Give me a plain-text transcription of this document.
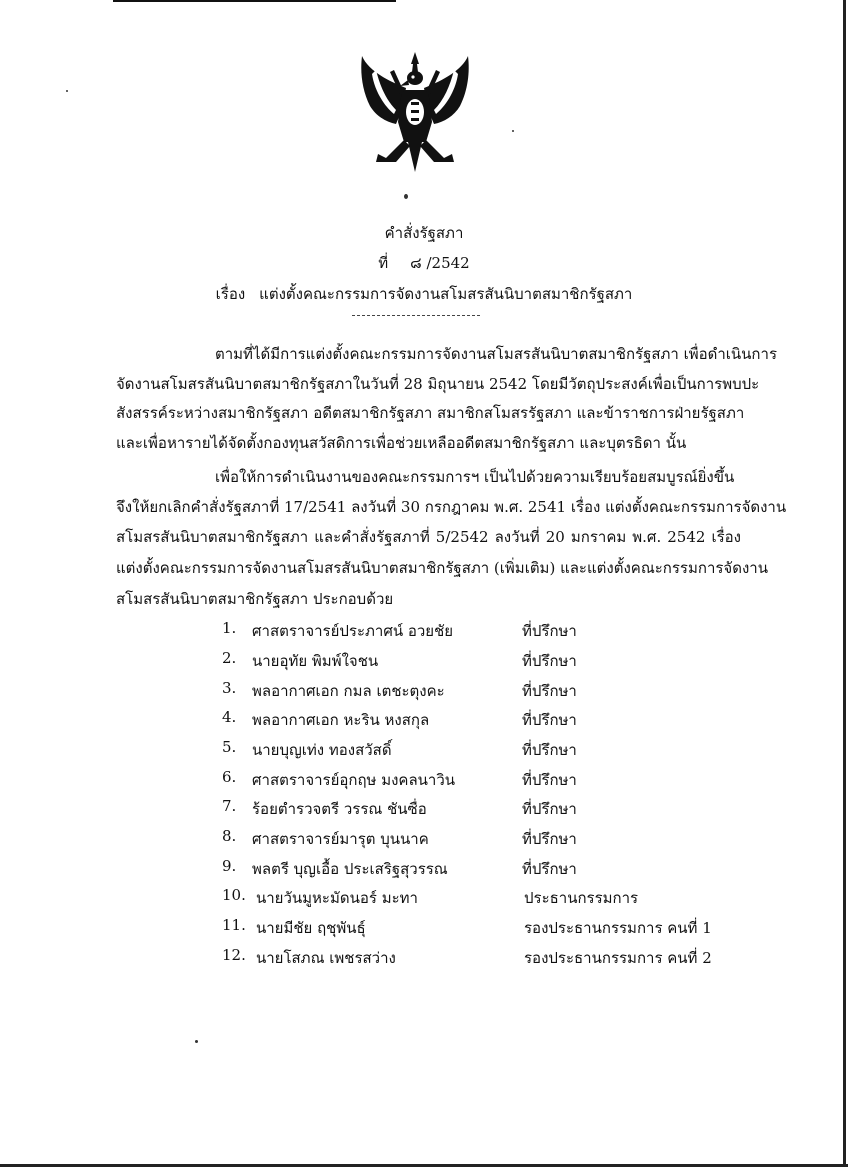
คำสั่งรัฐสภา
ที่ ๘ /2542
เรื่อง แต่งตั้งคณะกรรมการจัดงานสโมสรสันนิบาตสมาชิกรัฐสภา
ตามที่ได้มีการแต่งตั้งคณะกรรมการจัดงานสโมสรสันนิบาตสมาชิกรัฐสภา เพื่อดำเนินการ
จัดงานสโมสรสันนิบาตสมาชิกรัฐสภาในวันที่ 28 มิถุนายน 2542 โดยมีวัตถุประสงค์เพื่อเป็นการพบปะ
สังสรรค์ระหว่างสมาชิกรัฐสภา อดีตสมาชิกรัฐสภา สมาชิกสโมสรรัฐสภา และข้าราชการฝ่ายรัฐสภา
และเพื่อหารายได้จัดตั้งกองทุนสวัสดิการเพื่อช่วยเหลืออดีตสมาชิกรัฐสภา และบุตรธิดา นั้น
เพื่อให้การดำเนินงานของคณะกรรมการฯ เป็นไปด้วยความเรียบร้อยสมบูรณ์ยิ่งขึ้น
จึงให้ยกเลิกคำสั่งรัฐสภาที่ 17/2541 ลงวันที่ 30 กรกฎาคม พ.ศ. 2541 เรื่อง แต่งตั้งคณะกรรมการจัดงาน
สโมสรสันนิบาตสมาชิกรัฐสภา และคำสั่งรัฐสภาที่ 5/2542 ลงวันที่ 20 มกราคม พ.ศ. 2542 เรื่อง
แต่งตั้งคณะกรรมการจัดงานสโมสรสันนิบาตสมาชิกรัฐสภา (เพิ่มเติม) และแต่งตั้งคณะกรรมการจัดงาน
สโมสรสันนิบาตสมาชิกรัฐสภา ประกอบด้วย
1. ศาสตราจารย์ประภาศน์ อวยชัย	ที่ปรึกษา
2. นายอุทัย พิมพ์ใจชน	ที่ปรึกษา
3. พลอากาศเอก กมล เตชะตุงคะ	ที่ปรึกษา
4. พลอากาศเอก หะริน หงสกุล	ที่ปรึกษา
5. นายบุญเท่ง ทองสวัสดิ์	ที่ปรึกษา
6. ศาสตราจารย์อุกฤษ มงคลนาวิน	ที่ปรึกษา
7. ร้อยตำรวจตรี วรรณ ชันซื่อ	ที่ปรึกษา
8. ศาสตราจารย์มารุต บุนนาค	ที่ปรึกษา
9. พลตรี บุญเอื้อ ประเสริฐสุวรรณ	ที่ปรึกษา
10. นายวันมูหะมัดนอร์ มะทา	ประธานกรรมการ
11. นายมีชัย ฤชุพันธุ์	รองประธานกรรมการ คนที่ 1
12. นายโสภณ เพชรสว่าง	รองประธานกรรมการ คนที่ 2
